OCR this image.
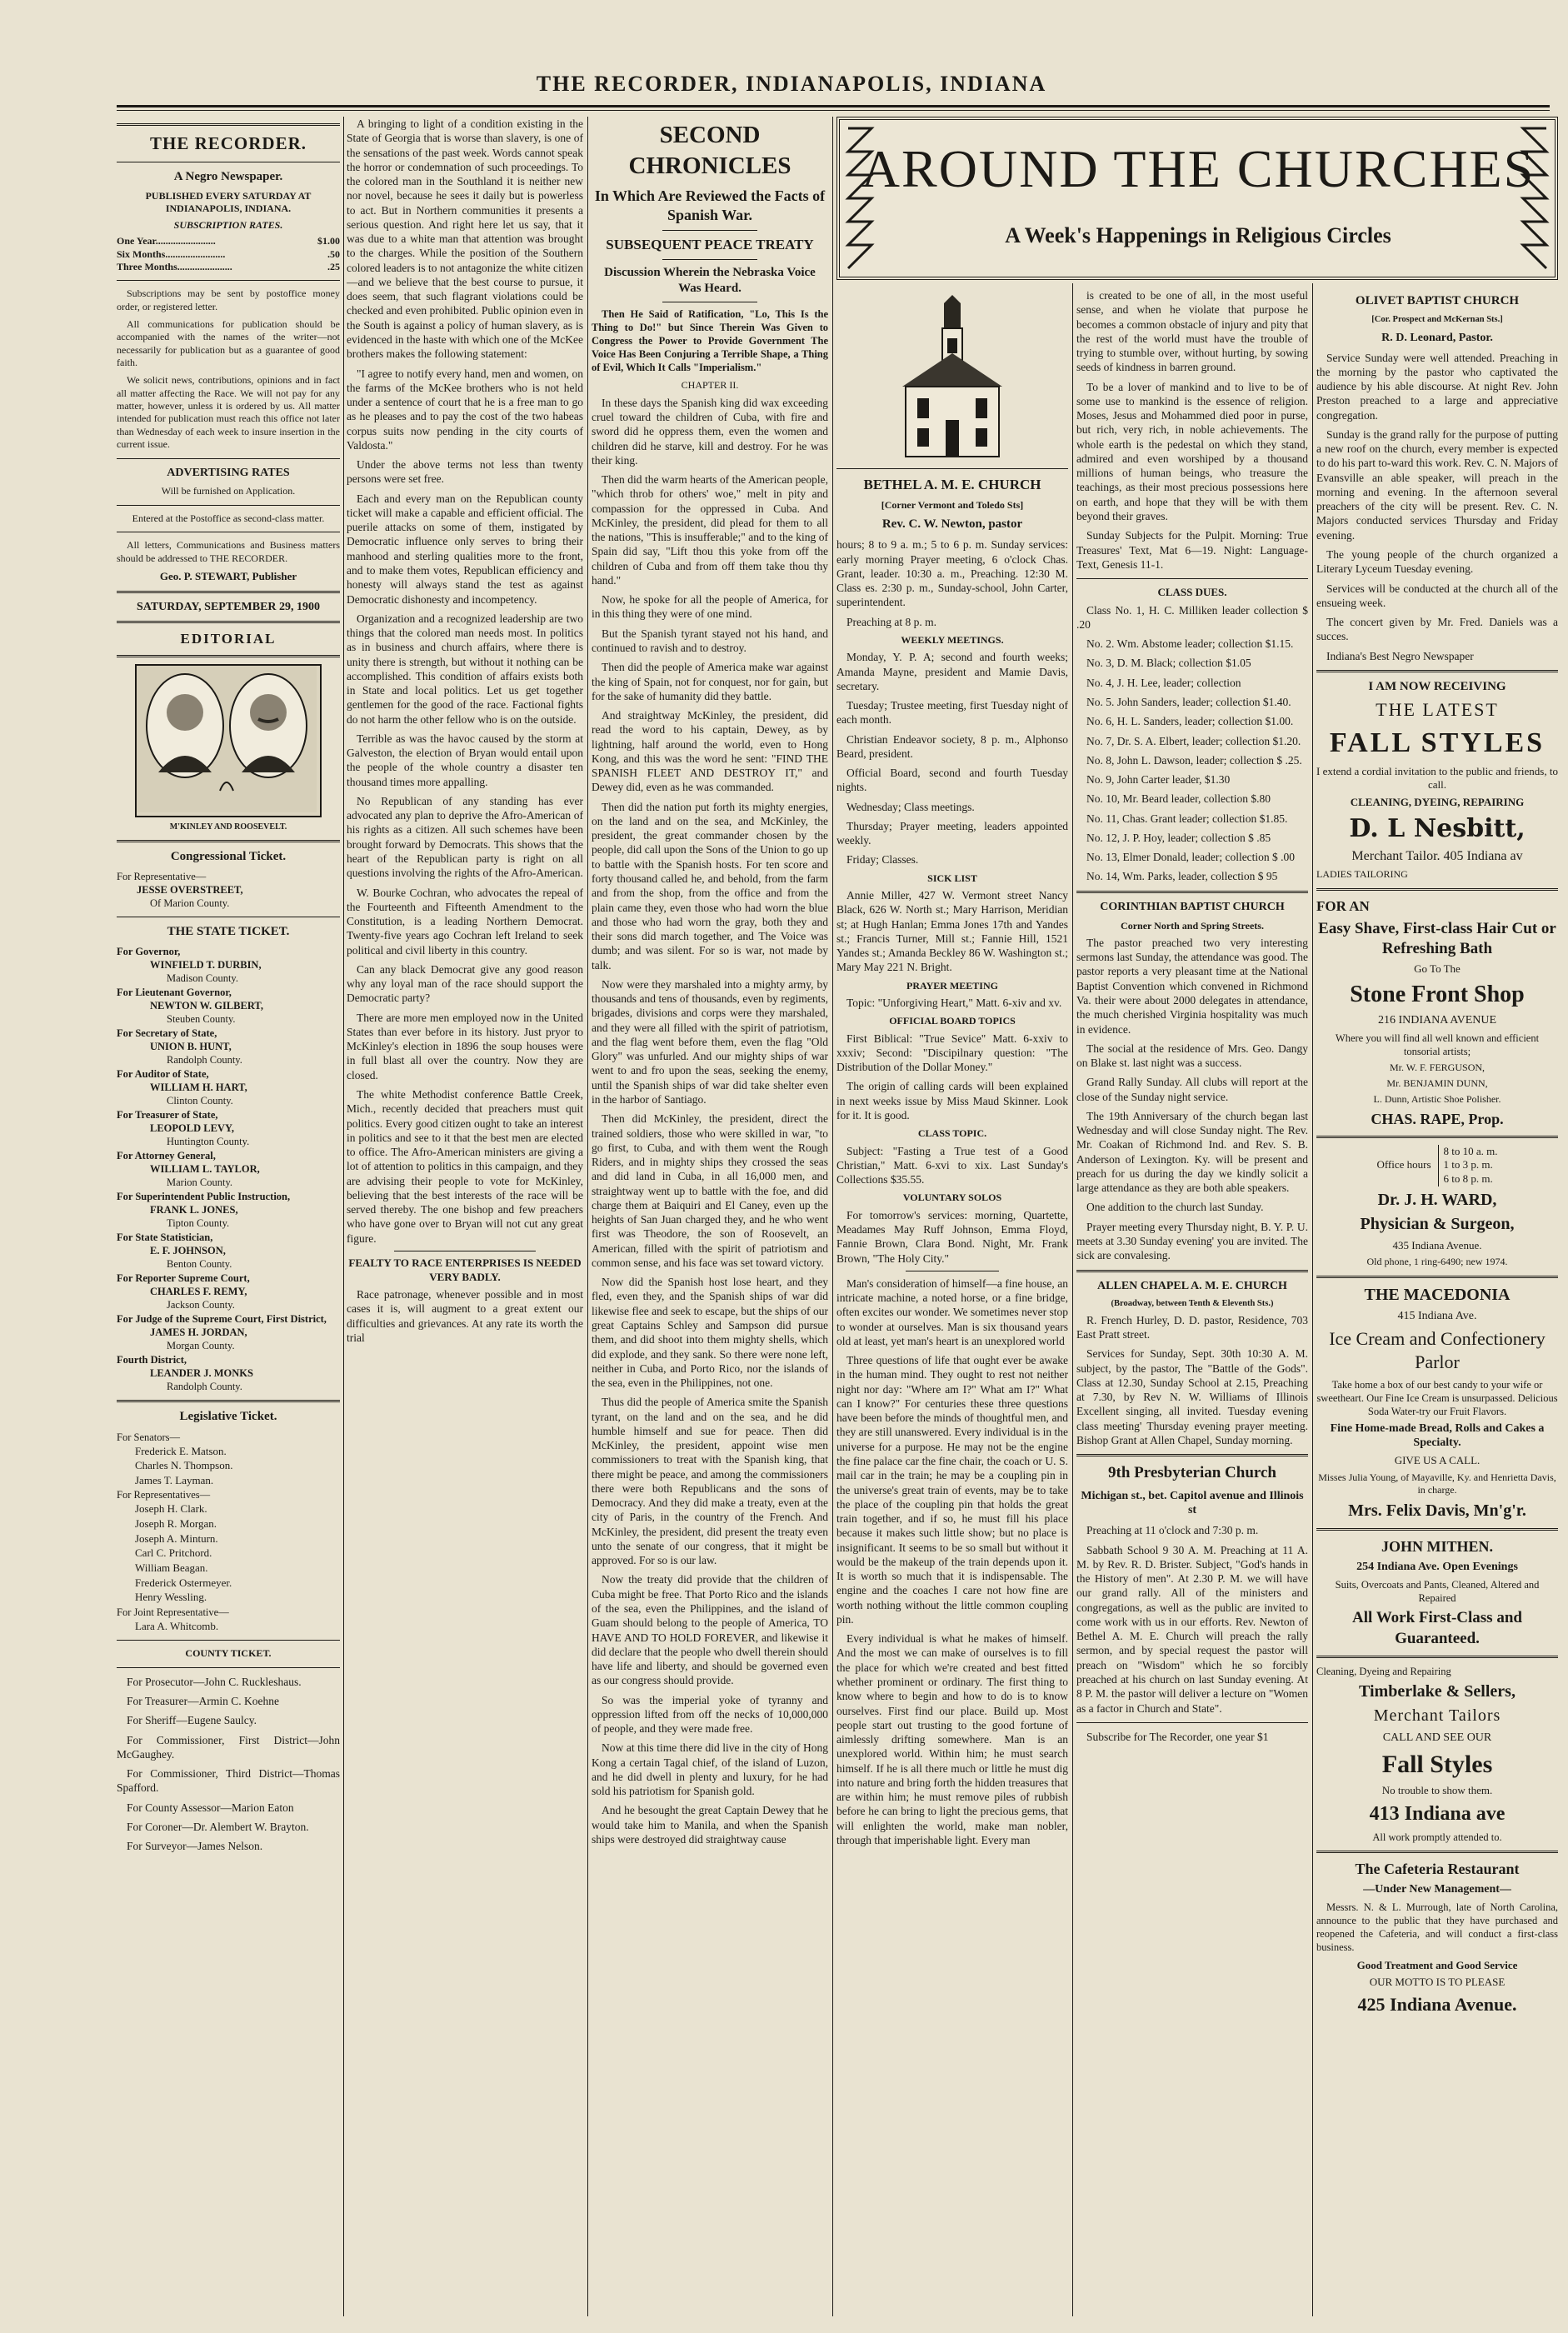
THE RECORDER, INDIANAPOLIS, INDIANA
THE RECORDER.
A Negro Newspaper.
PUBLISHED EVERY SATURDAY AT INDIANAPOLIS, INDIANA.
SUBSCRIPTION RATES.
One Year........................	$1.00
Six Months........................	.50
Three Months......................	.25

Subscriptions may be sent by postoffice money order, or registered letter.

All communications for publication should be accompanied with the names of the writer—not necessarily for publication but as a guarantee of good faith.

We solicit news, contributions, opinions and in fact all matter affecting the Race. We will not pay for any matter, however, unless it is ordered by us. All matter intended for publication must reach this office not later than Wednesday of each week to insure insertion in the current issue.

ADVERTISING RATES
Will be furnished on Application.

Entered at the Postoffice as second-class matter.

All letters, Communications and Business matters should be addressed to THE RECORDER.

Geo. P. STEWART, Publisher
SATURDAY, SEPTEMBER 29, 1900
EDITORIAL
M'KINLEY AND ROOSEVELT.
Congressional Ticket.
For Representative—
JESSE OVERSTREET,
Of Marion County.
THE STATE TICKET.
For Governor,
WINFIELD T. DURBIN,
Madison County.
For Lieutenant Governor,
NEWTON W. GILBERT,
Steuben County.
For Secretary of State,
UNION B. HUNT,
Randolph County.
For Auditor of State,
WILLIAM H. HART,
Clinton County.
For Treasurer of State,
LEOPOLD LEVY,
Huntington County.
For Attorney General,
WILLIAM L. TAYLOR,
Marion County.
For Superintendent Public Instruction,
FRANK L. JONES,
Tipton County.
For State Statistician,
E. F. JOHNSON,
Benton County.
For Reporter Supreme Court,
CHARLES F. REMY,
Jackson County.
For Judge of the Supreme Court, First District,
JAMES H. JORDAN,
Morgan County.
Fourth District,
LEANDER J. MONKS
Randolph County.
Legislative Ticket.
For Senators—
Frederick E. Matson.
Charles N. Thompson.
James T. Layman.
For Representatives—
Joseph H. Clark.
Joseph R. Morgan.
Joseph A. Minturn.
Carl C. Pritchord.
William Beagan.
Frederick Ostermeyer.
Henry Wessling.
For Joint Representative—
Lara A. Whitcomb.
COUNTY TICKET.

For Prosecutor—John C. Ruckleshaus.

For Treasurer—Armin C. Koehne

For Sheriff—Eugene Saulcy.

For Commissioner, First District—John McGaughey.

For Commissioner, Third District—Thomas Spafford.

For County Assessor—Marion Eaton

For Coroner—Dr. Alembert W. Brayton.

For Surveyor—James Nelson.

A bringing to light of a condition existing in the State of Georgia that is worse than slavery, is one of the sensations of the past week. Words cannot speak the horror or condemnation of such proceedings. To the colored man in the Southland it is neither new nor novel, because he sees it daily but is powerless to act. But in Northern communities it presents a serious question. And right here let us say, that it was due to a white man that attention was brought to the charges. While the position of the Southern colored leaders is to not antagonize the white citizen—and we believe that the best course to pursue, it does seem, that such flagrant violations could be checked and even prohibited. Public opinion even in the South is against a policy of human slavery, as is evidenced in the haste with which one of the McKee brothers makes the following statement:

"I agree to notify every hand, men and women, on the farms of the McKee brothers who is not held under a sentence of court that he is a free man to go as he pleases and to pay the cost of the two habeas corpus suits now pending in the city courts of Valdosta."

Under the above terms not less than twenty persons were set free.

Each and every man on the Republican county ticket will make a capable and efficient official. The puerile attacks on some of them, instigated by Democratic influence only serves to bring their manhood and sterling qualities more to the front, and to make them votes, Republican efficiency and honesty will always stand the test as against Democratic dishonesty and incompetency.

Organization and a recognized leadership are two things that the colored man needs most. In politics as in business and church affairs, where there is unity there is strength, but without it nothing can be accomplished. This condition of affairs exists both in State and local politics. Let us get together gentlemen for the good of the race. Factional fights do not harm the other fellow who is on the outside.

Terrible as was the havoc caused by the storm at Galveston, the election of Bryan would entail upon the people of the whole country a disaster ten thousand times more appalling.

No Republican of any standing has ever advocated any plan to deprive the Afro-American of his rights as a citizen. All such schemes have been brought forward by Democrats. This shows that the heart of the Republican party is right on all questions involving the rights of the Afro-American.

W. Bourke Cochran, who advocates the repeal of the Fourteenth and Fifteenth Amendment to the Constitution, is a leading Northern Democrat. Twenty-five years ago Cochran left Ireland to seek political and civil liberty in this country.

Can any black Democrat give any good reason why any loyal man of the race should support the Democratic party?

There are more men employed now in the United States than ever before in its history. Just pryor to McKinley's election in 1896 the soup houses were in full blast all over the country. Now they are closed.

The white Methodist conference Battle Creek, Mich., recently decided that preachers must quit politics. Every good citizen ought to take an interest in politics and see to it that the best men are elected to office. The Afro-American ministers are giving a lot of attention to politics in this campaign, and they are advising their people to vote for McKinley, believing that the best interests of the race will be served thereby. The one bishop and few preachers who have gone over to Bryan will not cut any great figure.

FEALTY TO RACE ENTERPRISES IS NEEDED VERY BADLY.

Race patronage, whenever possible and in most cases it is, will augment to a great extent our difficulties and grievances. At any rate its worth the trial

SECOND CHRONICLES
In Which Are Reviewed the Facts of Spanish War.
SUBSEQUENT PEACE TREATY
Discussion Wherein the Nebraska Voice Was Heard.

Then He Said of Ratification, "Lo, This Is the Thing to Do!" but Since Therein Was Given to Congress the Power to Provide Government The Voice Has Been Conjuring a Terrible Shape, a Thing of Evil, Which It Calls "Imperialism."

CHAPTER II.

In these days the Spanish king did wax exceeding cruel toward the children of Cuba, with fire and sword did he oppress them, even the women and children did he starve, kill and destroy. For he was their king.

Then did the warm hearts of the American people, "which throb for others' woe," melt in pity and compassion for the oppressed in Cuba. And McKinley, the president, did plead for them to all the nations, "This is insufferable;" and to the king of Spain did say, "Lift thou this yoke from off the children of Cuba and from off them take thou thy hand."

Now, he spoke for all the people of America, for in this thing they were of one mind.

But the Spanish tyrant stayed not his hand, and continued to ravish and to destroy.

Then did the people of America make war against the king of Spain, not for conquest, nor for gain, but for the sake of humanity did they battle.

And straightway McKinley, the president, did read the word to his captain, Dewey, as by lightning, half around the world, even to Hong Kong, and this was the word he sent: "FIND THE SPANISH FLEET AND DESTROY IT," and Dewey did, even as he was commanded.

Then did the nation put forth its mighty energies, on the land and on the sea, and McKinley, the president, the great commander chosen by the people, did call upon the Sons of the Union to go up to battle with the Spanish hosts. For ten score and forty thousand called he, and behold, from the farm and from the shop, from the office and from the plain came they, even those who had worn the blue and those who had worn the gray, both they and their sons did march together, and The Voice was dumb; and was silent. For so is war, not made by talk.

Now were they marshaled into a mighty army, by thousands and tens of thousands, even by regiments, brigades, divisions and corps were they marshaled, and they were all filled with the spirit of patriotism, and the flag went before them, even the flag "Old Glory" was unfurled. And our mighty ships of war went to and fro upon the seas, seeking the enemy, until the Spanish ships of war did take shelter even in the harbor of Santiago.

Then did McKinley, the president, direct the trained soldiers, those who were skilled in war, "to go first, to Cuba, and with them went the Rough Riders, and in mighty ships they crossed the seas and did land in Cuba, in all 16,000 men, and straightway went up to battle with the foe, and did charge them at Baiquiri and El Caney, even up the heights of San Juan charged they, and he who went first was Theodore, the son of Roosevelt, an American, filled with the spirit of patriotism and common sense, and his face was set toward victory.

Now did the Spanish host lose heart, and they fled, even they, and the Spanish ships of war did likewise flee and seek to escape, but the ships of our great Captains Schley and Sampson did pursue them, and did shoot into them mighty shells, which did explode, and they sank. So there were none left, neither in Cuba, and Porto Rico, nor the islands of the sea, even in the Philippines, not one.

Thus did the people of America smite the Spanish tyrant, on the land and on the sea, and he did humble himself and sue for peace. Then did McKinley, the president, appoint wise men commissioners to treat with the Spanish king, that there might be peace, and among the commissioners there were both Republicans and the sons of Democracy. And they did make a treaty, even at the city of Paris, in the country of the French. And McKinley, the president, did present the treaty even unto the senate of our congress, that it might be approved. For so is our law.

Now the treaty did provide that the children of Cuba might be free. That Porto Rico and the islands of the sea, even the Philippines, and the island of Guam should belong to the people of America, TO HAVE AND TO HOLD FOREVER, and likewise it did declare that the people who dwell therein should have life and liberty, and should be governed even as our congress should provide.

So was the imperial yoke of tyranny and oppression lifted from off the necks of 10,000,000 of people, and they were made free.

Now at this time there did live in the city of Hong Kong a certain Tagal chief, of the island of Luzon, and he did dwell in plenty and luxury, for he had sold his patriotism for Spanish gold.

And he besought the great Captain Dewey that he would take him to Manila, and when the Spanish ships were destroyed did straightway cause

AROUND THE CHURCHES
A Week's Happenings in Religious Circles
BETHEL A. M. E. CHURCH
[Corner Vermont and Toledo Sts]
Rev. C. W. Newton, pastor

hours; 8 to 9 a. m.; 5 to 6 p. m. Sunday services: early morning Prayer meeting, 6 o'clock Chas. Grant, leader. 10:30 a. m., Preaching. 12:30 M. Class es. 2:30 p. m., Sunday-school, John Carter, superintendent.

Preaching at 8 p. m.

WEEKLY MEETINGS.

Monday, Y. P. A; second and fourth weeks; Amanda Mayne, president and Mamie Davis, secretary.

Tuesday; Trustee meeting, first Tuesday night of each month.

Christian Endeavor society, 8 p. m., Alphonso Beard, president.

Official Board, second and fourth Tuesday nights.

Wednesday; Class meetings.

Thursday; Prayer meeting, leaders appointed weekly.

Friday; Classes.

SICK LIST

Annie Miller, 427 W. Vermont street Nancy Black, 626 W. North st.; Mary Harrison, Meridian st; at Hugh Hanlan; Emma Jones 17th and Yandes st.; Francis Turner, Mill st.; Fannie Hill, 1521 Yandes st.; Amanda Beckley 86 W. Washington st.; Mary May 221 N. Bright.

PRAYER MEETING

Topic: "Unforgiving Heart," Matt. 6-xiv and xv.

OFFICIAL BOARD TOPICS

First Biblical: "True Sevice" Matt. 6-xxiv to xxxiv; Second: "Discipilnary question: "The Distribution of the Dollar Money."

The origin of calling cards will been explained in next weeks issue by Miss Maud Skinner. Look for it. It is good.

CLASS TOPIC.

Subject: "Fasting a True test of a Good Christian," Matt. 6-xvi to xix. Last Sunday's Collections $35.55.

VOLUNTARY SOLOS

For tomorrow's services: morning, Quartette, Meadames May Ruff Johnson, Emma Floyd, Fannie Brown, Clara Bond. Night, Mr. Frank Brown, "The Holy City."

Man's consideration of himself—a fine house, an intricate machine, a noted horse, or a fine bridge, often excites our wonder. We sometimes never stop to wonder at ourselves. Man is six thousand years old at least, yet man's heart is an unexplored world

Three questions of life that ought ever be awake in the human mind. They ought to rest not neither night nor day: "Where am I?" What am I?" What can I know?" For centuries these three questions have been before the minds of thoughtful men, and they are still unanswered. Every individual is in the universe for a purpose. He may not be the engine the fine palace car the fine chair, the coach or U. S. mail car in the train; he may be a coupling pin in the universe's great train of events, may be to take the place of the coupling pin that holds the great train together, and if so, he must fill his place because it makes such little show; but no place is insignificant. It seems to be so small but without it would be the makeup of the train depends upon it. It is worth so much that it is indispensable. The engine and the coaches I care not how fine are worth nothing without the little common coupling pin.

Every individual is what he makes of himself. And the most we can make of ourselves is to fill the place for which we're created and best fitted whether prominent or ordinary. The first thing to know where to begin and how to do is to know ourselves. First find our place. Build up. Most people start out trusting to the good fortune of aimlessly drifting somewhere. Man is an unexplored world. Within him; he must search himself. If he is all there much or little he must dig into nature and bring forth the hidden treasures that are within him; he must remove piles of rubbish before he can bring to light the precious gems, that will enlighten the world, make man nobler, through that imperishable light. Every man

is created to be one of all, in the most useful sense, and when he violate that purpose he becomes a common obstacle of injury and pity that the rest of the world must have the trouble of trying to stumble over, without hurting, by sowing seeds of kindness in barren ground.

To be a lover of mankind and to live to be of some use to mankind is the essence of religion. Moses, Jesus and Mohammed died poor in purse, but rich, very rich, in noble achievements. The whole earth is the pedestal on which they stand, admired and even worshiped by a thousand millions of human beings, who treasure the teachings, as their most precious possessions here on earth, and hope that they will be with them beyond their graves.

Sunday Subjects for the Pulpit. Morning: True Treasures' Text, Mat 6—19. Night: Language- Text, Genesis 11-1.

CLASS DUES.

Class No. 1, H. C. Milliken leader collection $ .20

No. 2. Wm. Abstome leader; collection $1.15.

No. 3, D. M. Black; collection $1.05

No. 4, J. H. Lee, leader; collection

No. 5. John Sanders, leader; collection $1.40.

No. 6, H. L. Sanders, leader; collection $1.00.

No. 7, Dr. S. A. Elbert, leader; collection $1.20.

No. 8, John L. Dawson, leader; collection $ .25.

No. 9, John Carter leader, $1.30

No. 10, Mr. Beard leader, collection $.80

No. 11, Chas. Grant leader; collection $1.85.

No. 12, J. P. Hoy, leader; collection $ .85

No. 13, Elmer Donald, leader; collection $ .00

No. 14, Wm. Parks, leader, collection $ 95

CORINTHIAN BAPTIST CHURCH
Corner North and Spring Streets.

The pastor preached two very interesting sermons last Sunday, the attendance was good. The pastor reports a very pleasant time at the National Baptist Convention which convened in Richmond Va. their were about 2000 delegates in attendance, the much cherished Virginia hospitality was much in evidence.

The social at the residence of Mrs. Geo. Dangy on Blake st. last night was a success.

Grand Rally Sunday. All clubs will report at the close of the Sunday night service.

The 19th Anniversary of the church began last Wednesday and will close Sunday night. The Rev. Mr. Coakan of Richmond Ind. and Rev. S. B. Anderson of Lexington. Ky. will be present and preach for us during the day we kindly solicit a large attendance as they are both able speakers.

One addition to the church last Sunday.

Prayer meeting every Thursday night, B. Y. P. U. meets at 3.30 Sunday evening' you are invited. The sick are convalesing.

ALLEN CHAPEL A. M. E. CHURCH
(Broadway, between Tenth & Eleventh Sts.)

R. French Hurley, D. D. pastor, Residence, 703 East Pratt street.

Services for Sunday, Sept. 30th 10:30 A. M. subject, by the pastor, The "Battle of the Gods". Class at 12.30, Sunday School at 2.15, Preaching at 7.30, by Rev N. W. Williams of Illinois Excellent singing, all invited. Tuesday evening class meeting' Thursday evening prayer meeting. Bishop Grant at Allen Chapel, Sunday morning.

9th Presbyterian Church
Michigan st., bet. Capitol avenue and Illinois st

Preaching at 11 o'clock and 7:30 p. m.

Sabbath School 9 30 A. M. Preaching at 11 A. M. by Rev. R. D. Brister. Subject, "God's hands in the History of men". At 2.30 P. M. we will have our grand rally. All of the ministers and congregations, as well as the public are invited to come work with us in our efforts. Rev. Newton of Bethel A. M. E. Church will preach the rally sermon, and by special request the pastor will preach on "Wisdom" which he so forcibly preached at his church on last Sunday evening. At 8 P. M. the pastor will deliver a lecture on "Women as a factor in Church and State".

Subscribe for The Recorder, one year $1

OLIVET BAPTIST CHURCH
[Cor. Prospect and McKernan Sts.]
R. D. Leonard, Pastor.

Service Sunday were well attended. Preaching in the morning by the pastor who captivated the audience by his able discourse. At night Rev. John Preston preached to a large and appreciative congregation.

Sunday is the grand rally for the purpose of putting a new roof on the church, every member is expected to do his part to-ward this work. Rev. C. N. Majors of Evansville an able speaker, will preach in the morning and evening. In the afternoon several preachers of the city will be present. Rev. C. N. Majors conducted services Thursday and Friday evening.

The young people of the church organized a Literary Lyceum Tuesday evening.

Services will be conducted at the church all of the ensueing week.

The concert given by Mr. Fred. Daniels was a succes.

Indiana's Best Negro Newspaper

I AM NOW RECEIVING
THE LATEST
FALL STYLES
I extend a cordial invitation to the public and friends, to call.
CLEANING, DYEING, REPAIRING
D. L Nesbitt,
Merchant Tailor. 405 Indiana av
LADIES TAILORING
FOR AN
Easy Shave, First-class Hair Cut or Refreshing Bath
Go To The
Stone Front Shop
216 INDIANA AVENUE
Where you will find all well known and efficient tonsorial artists;
Mr. W. F. FERGUSON,
Mr. BENJAMIN DUNN,
L. Dunn, Artistic Shoe Polisher.
CHAS. RAPE, Prop.
Office hours
8 to 10 a. m.
1 to 3 p. m.
6 to 8 p. m.
Dr. J. H. WARD,
Physician & Surgeon,
435 Indiana Avenue.
Old phone, 1 ring-6490; new 1974.
THE MACEDONIA
415 Indiana Ave.
Ice Cream and Confectionery Parlor
Take home a box of our best candy to your wife or sweetheart. Our Fine Ice Cream is unsurpassed. Delicious Soda Water-try our Fruit Flavors.
Fine Home-made Bread, Rolls and Cakes a Specialty.
GIVE US A CALL.
Misses Julia Young, of Mayaville, Ky. and Henrietta Davis, in charge.
Mrs. Felix Davis, Mn'g'r.
JOHN MITHEN.
254 Indiana Ave. Open Evenings
Suits, Overcoats and Pants, Cleaned, Altered and Repaired
All Work First-Class and Guaranteed.
Cleaning, Dyeing and Repairing
Timberlake & Sellers,
Merchant Tailors
CALL AND SEE OUR
Fall Styles
No trouble to show them.
413 Indiana ave
All work promptly attended to.
The Cafeteria Restaurant
—Under New Management—

Messrs. N. & L. Murrough, late of North Carolina, announce to the public that they have purchased and reopened the Cafeteria, and will conduct a first-class business.

Good Treatment and Good Service
OUR MOTTO IS TO PLEASE
425 Indiana Avenue.
